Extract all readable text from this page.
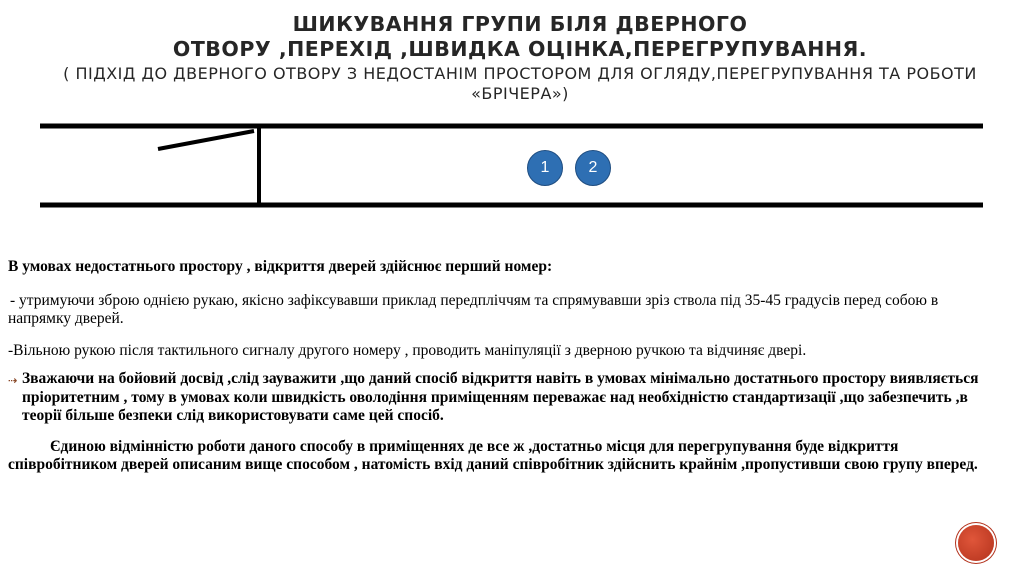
ШИКУВАННЯ ГРУПИ БІЛЯ ДВЕРНОГО
ОТВОРУ ,ПЕРЕХІД ,ШВИДКА ОЦІНКА,ПЕРЕГРУПУВАННЯ.
( ПІДХІД ДО ДВЕРНОГО ОТВОРУ З НЕДОСТАНІМ ПРОСТОРОМ ДЛЯ ОГЛЯДУ,ПЕРЕГРУПУВАННЯ ТА РОБОТИ «БРІЧЕРА»)
1 2

В умовах недостатнього простору , відкриття дверей здійснює перший номер:

- утримуючи зброю однією рукаю, якісно зафіксувавши приклад передпліччям та спрямувавши зріз ствола під 35-45 градусів перед собою в напрямку дверей.

-Вільною рукою після тактильного сигналу другого номеру , проводить маніпуляції з дверною ручкою та відчиняє двері.

⇢ Зважаючи на бойовий досвід ,слід зауважити ,що даний спосіб відкриття навіть в умовах мінімально достатнього простору виявляється пріоритетним , тому в умовах коли швидкість оволодіння приміщенням переважає над необхідністю стандартизації ,що забезпечить ,в теорії більше безпеки слід використовувати саме цей спосіб.

Єдиною відмінністю роботи даного способу в приміщеннях де все ж ,достатньо місця для перегрупування буде відкриття співробітником дверей описаним вище способом , натомість вхід даний співробітник здійснить крайнім ,пропустивши свою групу вперед.
